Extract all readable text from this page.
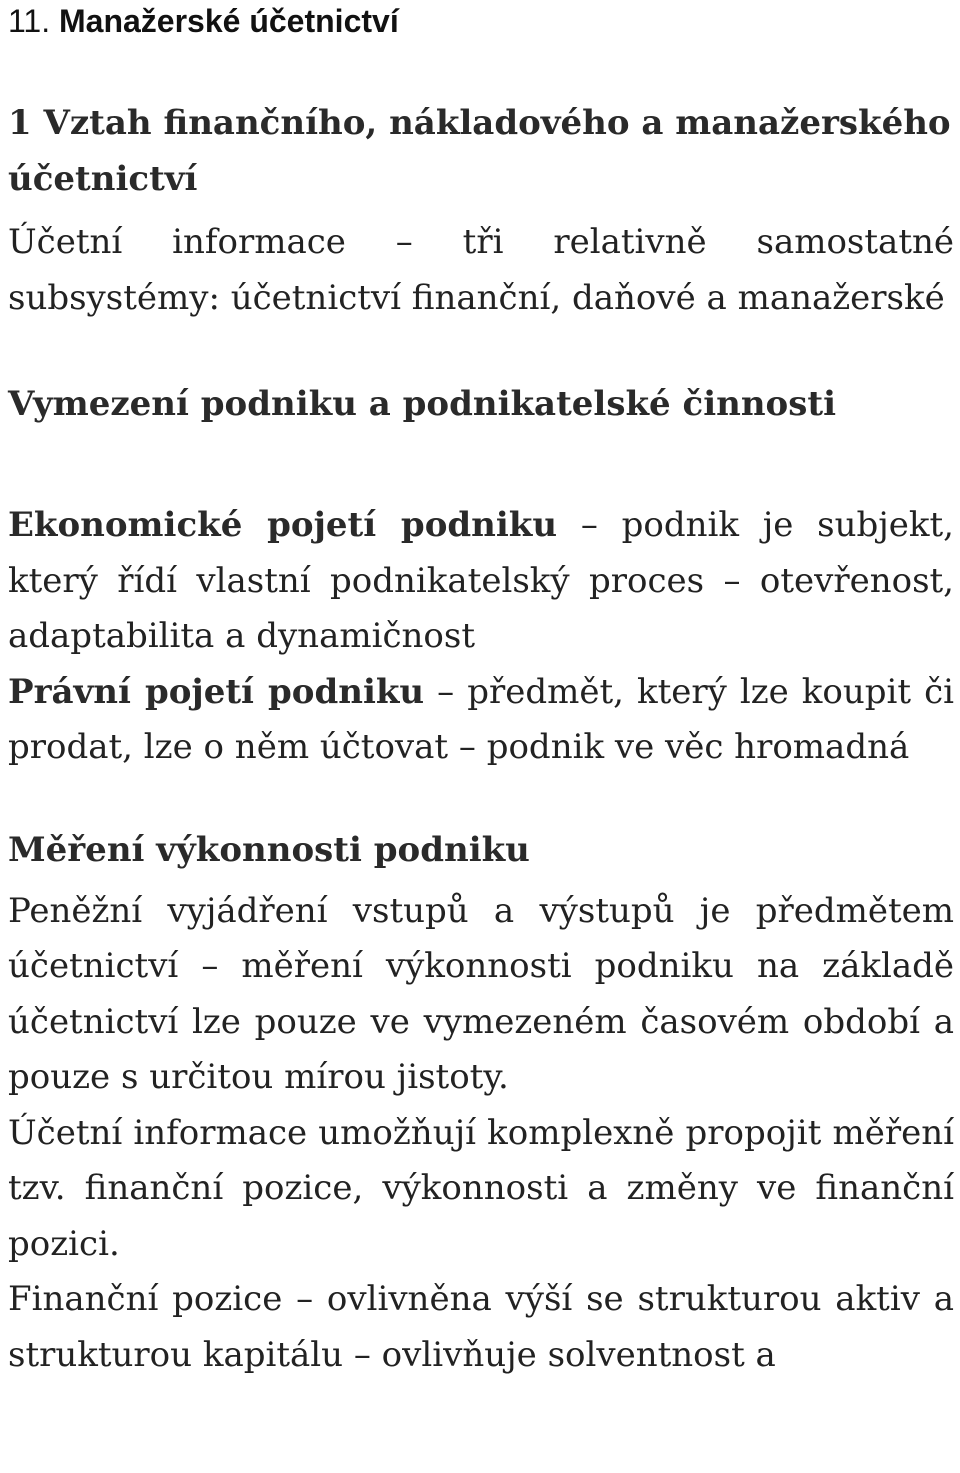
11. Manažerské účetnictví
1 Vztah finančního, nákladového a manažerského účetnictví

Účetní informace – tři relativně samostatné subsystémy: účetnictví finanční, daňové a manažerské

Vymezení podniku a podnikatelské činnosti

Ekonomické pojetí podniku – podnik je subjekt, který řídí vlastní podnikatelský proces – otevřenost, adaptabilita a dynamičnost

Právní pojetí podniku – předmět, který lze koupit či prodat, lze o něm účtovat – podnik ve věc hromadná

Měření výkonnosti podniku

Peněžní vyjádření vstupů a výstupů je předmětem účetnictví – měření výkonnosti podniku na základě účetnictví lze pouze ve vymezeném časovém období a pouze s určitou mírou jistoty.

Účetní informace umožňují komplexně propojit měření tzv. finanční pozice, výkonnosti a změny ve finanční pozici.

Finanční pozice – ovlivněna výší se strukturou aktiv a strukturou kapitálu – ovlivňuje solventnost a
